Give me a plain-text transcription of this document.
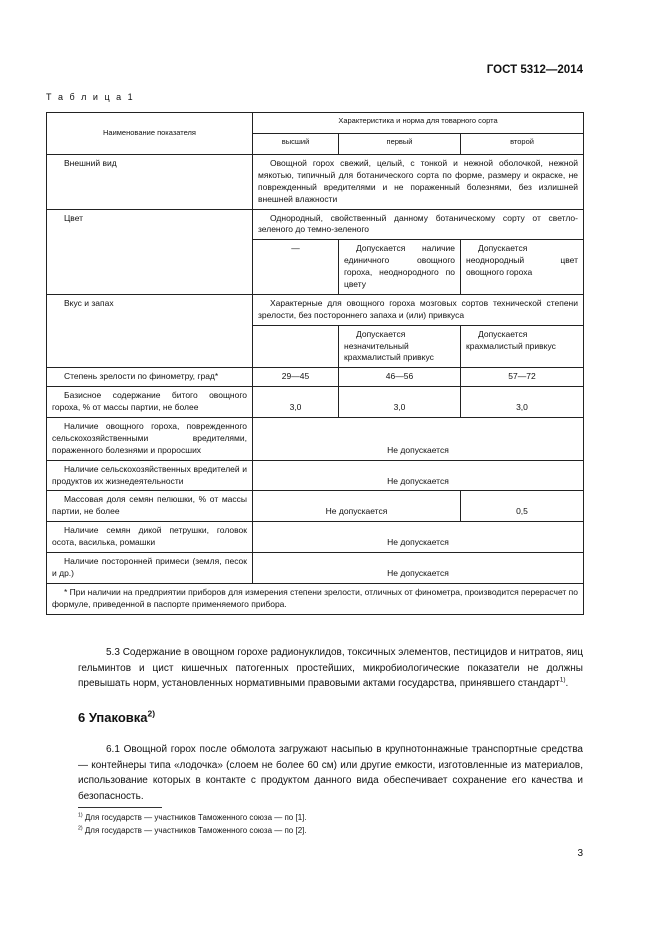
ГОСТ 5312—2014
Т а б л и ц а 1
Наименование показателя	Характеристика и норма для товарного сорта		
	высший	первый	второй
Внешний вид	Овощной горох свежий, целый, с тонкой и нежной оболочкой, нежной мякотью, типичный для ботанического сорта по форме, размеру и окраске, не поврежденный вредителями и не пораженный болезнями, без излишней внешней влажности		
Цвет	Однородный, свойственный данному ботаническому сорту от светло-зеленого до темно-зеленого		
	—	Допускается наличие единичного овощного гороха, неоднородного по цвету	Допускается неоднородный цвет овощного гороха
Вкус и запах	Характерные для овощного гороха мозговых сортов технической степени зрелости, без постороннего запаха и (или) привкуса		
		Допускается незначительный крахмалистый привкус	Допускается крахмалистый привкус
Степень зрелости по финометру, град*	29—45	46—56	57—72
Базисное содержание битого овощного гороха, % от массы партии, не более	3,0	3,0	3,0
Наличие овощного гороха, поврежденного сельскохозяйственными вредителями, пораженного болезнями и проросших	Не допускается		
Наличие сельскохозяйственных вредителей и продуктов их жизнедеятельности	Не допускается		
Массовая доля семян пелюшки, % от массы партии, не более	Не допускается		0,5
Наличие семян дикой петрушки, головок осота, василька, ромашки	Не допускается		
Наличие посторонней примеси (земля, песок и др.)	Не допускается		
* При наличии на предприятии приборов для измерения степени зрелости, отличных от финометра, производится перерасчет по формуле, приведенной в паспорте применяемого прибора.			
5.3 Содержание в овощном горохе радионуклидов, токсичных элементов, пестицидов и нитратов, яиц гельминтов и цист кишечных патогенных простейших, микробиологические показатели не должны превышать норм, установленных нормативными правовыми актами государства, принявшего стандарт$^{1)}$.
6 Упаковка$^{2)}$
6.1 Овощной горох после обмолота загружают насыпью в крупнотоннажные транспортные средства — контейнеры типа «лодочка» (слоем не более 60 см) или другие емкости, изготовленные из материалов, использование которых в контакте с продуктом данного вида обеспечивает сохранение его качества и безопасность.
$^{1)}$ Для государств — участников Таможенного союза — по [1].
$^{2)}$ Для государств — участников Таможенного союза — по [2].
3
